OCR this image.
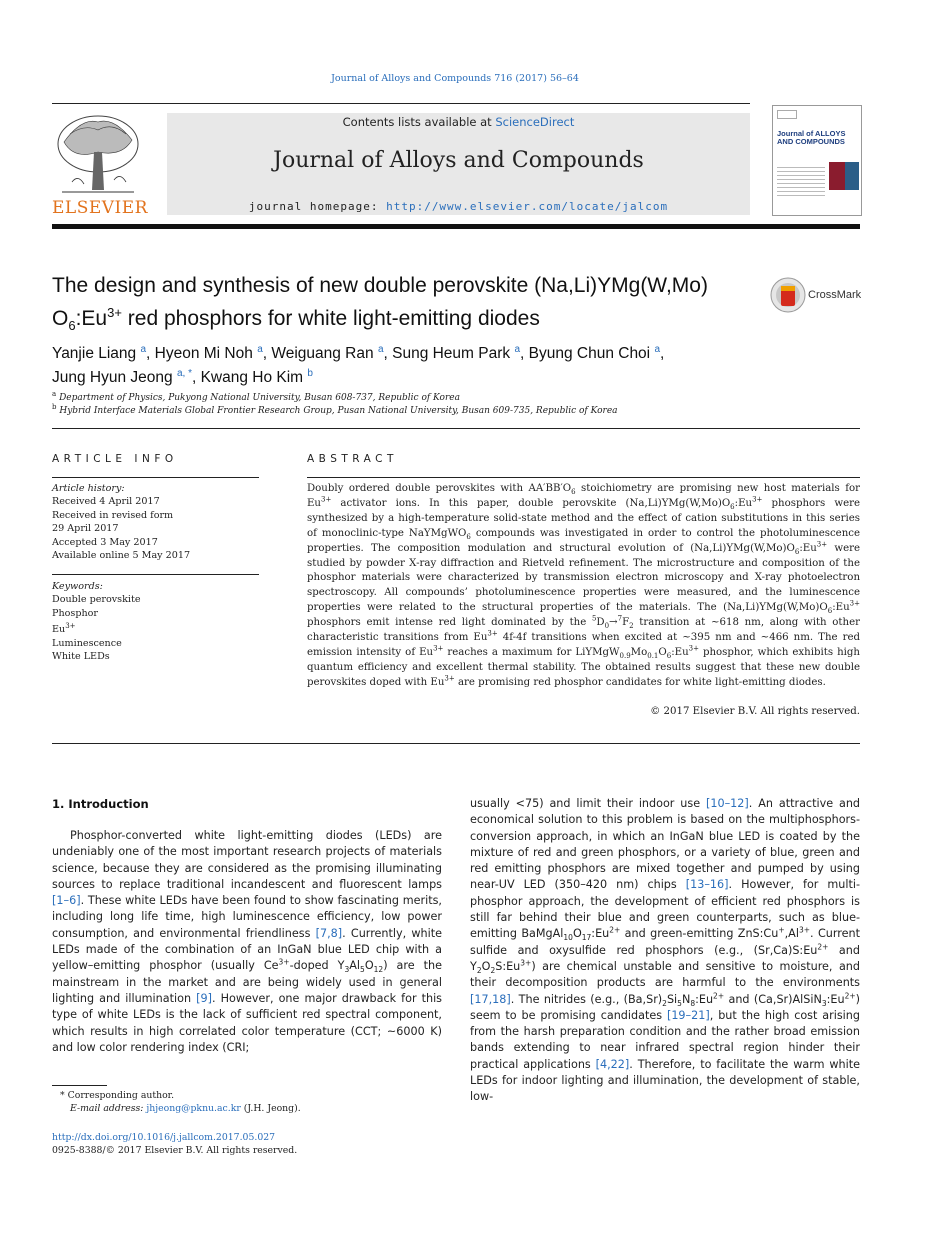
Journal of Alloys and Compounds 716 (2017) 56–64
ELSEVIER
Contents lists available at ScienceDirect
Journal of Alloys and Compounds
journal homepage: http://www.elsevier.com/locate/jalcom
Journal of ALLOYS AND COMPOUNDS
The design and synthesis of new double perovskite (Na,Li)YMg(W,Mo) $O_6:Eu^{3+}$ red phosphors for white light-emitting diodes
CrossMark
Yanjie Liang $^a$, Hyeon Mi Noh $^a$, Weiguang Ran $^a$, Sung Heum Park $^a$, Byung Chun Choi $^a$,
Jung Hyun Jeong $^{a, *}$, Kwang Ho Kim $^b$
$^a$ Department of Physics, Pukyong National University, Busan 608-737, Republic of Korea
$^b$ Hybrid Interface Materials Global Frontier Research Group, Pusan National University, Busan 609-735, Republic of Korea
ARTICLE INFO
Article history:
Received 4 April 2017
Received in revised form
29 April 2017
Accepted 3 May 2017
Available online 5 May 2017
Keywords:
Double perovskite
Phosphor
$Eu^{3+}$
Luminescence
White LEDs
ABSTRACT
Doubly ordered double perovskites with $AA'BB'O_6$ stoichiometry are promising new host materials for $Eu^{3+}$ activator ions. In this paper, double perovskite $(Na,Li)YMg(W,Mo)O_6:Eu^{3+}$ phosphors were synthesized by a high-temperature solid-state method and the effect of cation substitutions in this series of monoclinic-type NaYMgWO$_6$ compounds was investigated in order to control the photoluminescence properties. The composition modulation and structural evolution of $(Na,Li)YMg(W,Mo)O_6:Eu^{3+}$ were studied by powder X-ray diffraction and Rietveld refinement. The microstructure and composition of the phosphor materials were characterized by transmission electron microscopy and X-ray photoelectron spectroscopy. All compounds’ photoluminescence properties were measured, and the luminescence properties were related to the structural properties of the materials. The $(Na,Li)YMg(W,Mo)O_6:Eu^{3+}$ phosphors emit intense red light dominated by the $^5D_0\to^7F_2$ transition at ~618 nm, along with other characteristic transitions from $Eu^{3+}$ 4f-4f transitions when excited at ~395 nm and ~466 nm. The red emission intensity of $Eu^{3+}$ reaches a maximum for $LiYMgW_{0.9}Mo_{0.1}O_6:Eu^{3+}$ phosphor, which exhibits high quantum efficiency and excellent thermal stability. The obtained results suggest that these new double perovskites doped with $Eu^{3+}$ are promising red phosphor candidates for white light-emitting diodes.
© 2017 Elsevier B.V. All rights reserved.
1. Introduction
Phosphor-converted white light-emitting diodes (LEDs) are undeniably one of the most important research projects of materials science, because they are considered as the promising illuminating sources to replace traditional incandescent and fluorescent lamps [1–6]. These white LEDs have been found to show fascinating merits, including long life time, high luminescence efficiency, low power consumption, and environmental friendliness [7,8]. Currently, white LEDs made of the combination of an InGaN blue LED chip with a yellow–emitting phosphor (usually $Ce^{3+}$-doped $Y_3Al_5O_{12}$) are the mainstream in the market and are being widely used in general lighting and illumination [9]. However, one major drawback for this type of white LEDs is the lack of sufficient red spectral component, which results in high correlated color temperature (CCT; ~6000 K) and low color rendering index (CRI;
usually <75) and limit their indoor use [10–12]. An attractive and economical solution to this problem is based on the multiphosphors-conversion approach, in which an InGaN blue LED is coated by the mixture of red and green phosphors, or a variety of blue, green and red emitting phosphors are mixed together and pumped by using near-UV LED (350–420 nm) chips [13–16]. However, for multi-phosphor approach, the development of efficient red phosphors is still far behind their blue and green counterparts, such as blue-emitting $BaMgAl_{10}O_{17}:Eu^{2+}$ and green-emitting $ZnS:Cu^+,Al^{3+}$. Current sulfide and oxysulfide red phosphors (e.g., $(Sr,Ca)S:Eu^{2+}$ and $Y_2O_2S:Eu^{3+}$) are chemical unstable and sensitive to moisture, and their decomposition products are harmful to the environments [17,18]. The nitrides (e.g., $(Ba,Sr)_2Si_5N_8:Eu^{2+}$ and $(Ca,Sr)AlSiN_3:Eu^{2+}$) seem to be promising candidates [19–21], but the high cost arising from the harsh preparation condition and the rather broad emission bands extending to near infrared spectral region hinder their practical applications [4,22]. Therefore, to facilitate the warm white LEDs for indoor lighting and illumination, the development of stable, low-
* Corresponding author.
E-mail address: jhjeong@pknu.ac.kr (J.H. Jeong).
http://dx.doi.org/10.1016/j.jallcom.2017.05.027
0925-8388/© 2017 Elsevier B.V. All rights reserved.
